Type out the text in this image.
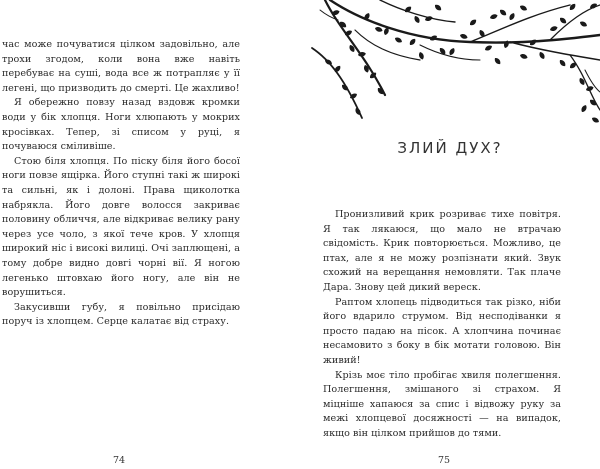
час може почуватися цілком задовільно, але трохи згодом, коли вона вже навіть перебуває на суші, вода все ж потрапляє у її легені, що призводить до смерті. Це жахливо!

Я обережно повзу назад вздовж кромки води у бік хлопця. Ноги хлюпають у мокрих кросівках. Тепер, зі списом у руці, я почуваюся сміливіше.

Стою біля хлопця. По піску біля його босої ноги повзе ящірка. Його ступні такі ж широкі та сильні, як і долоні. Права щиколотка набрякла. Його довге волосся закриває половину обличчя, але відкриває велику рану через усе чоло, з якої тече кров. У хлопця широкий ніс і високі вилиці. Очі заплющені, а тому добре видно довгі чорні вії. Я ногою легенько штовхаю його ногу, але він не ворушиться.

Закусивши губу, я повільно присідаю поруч із хлопцем. Серце калатає від страху.

74
ЗЛИЙ ДУХ?

Пронизливий крик розриває тихе повітря. Я так лякаюся, що мало не втрачаю свідомість. Крик повторюється. Можливо, це птах, але я не можу розпізнати який. Звук схожий на верещання немовляти. Так плаче Дара. Знову цей дикий вереск.

Раптом хлопець підводиться так різко, ніби його вдарило струмом. Від несподіванки я просто падаю на пісок. А хлопчина починає несамовито з боку в бік мотати головою. Він живий!

Крізь моє тіло пробігає хвиля полегшення. Полегшення, змішаного зі страхом. Я міцніше хапаюся за спис і відвожу руку за межі хлопцевої досяжності — на випадок, якщо він цілком прийшов до тями.

75
